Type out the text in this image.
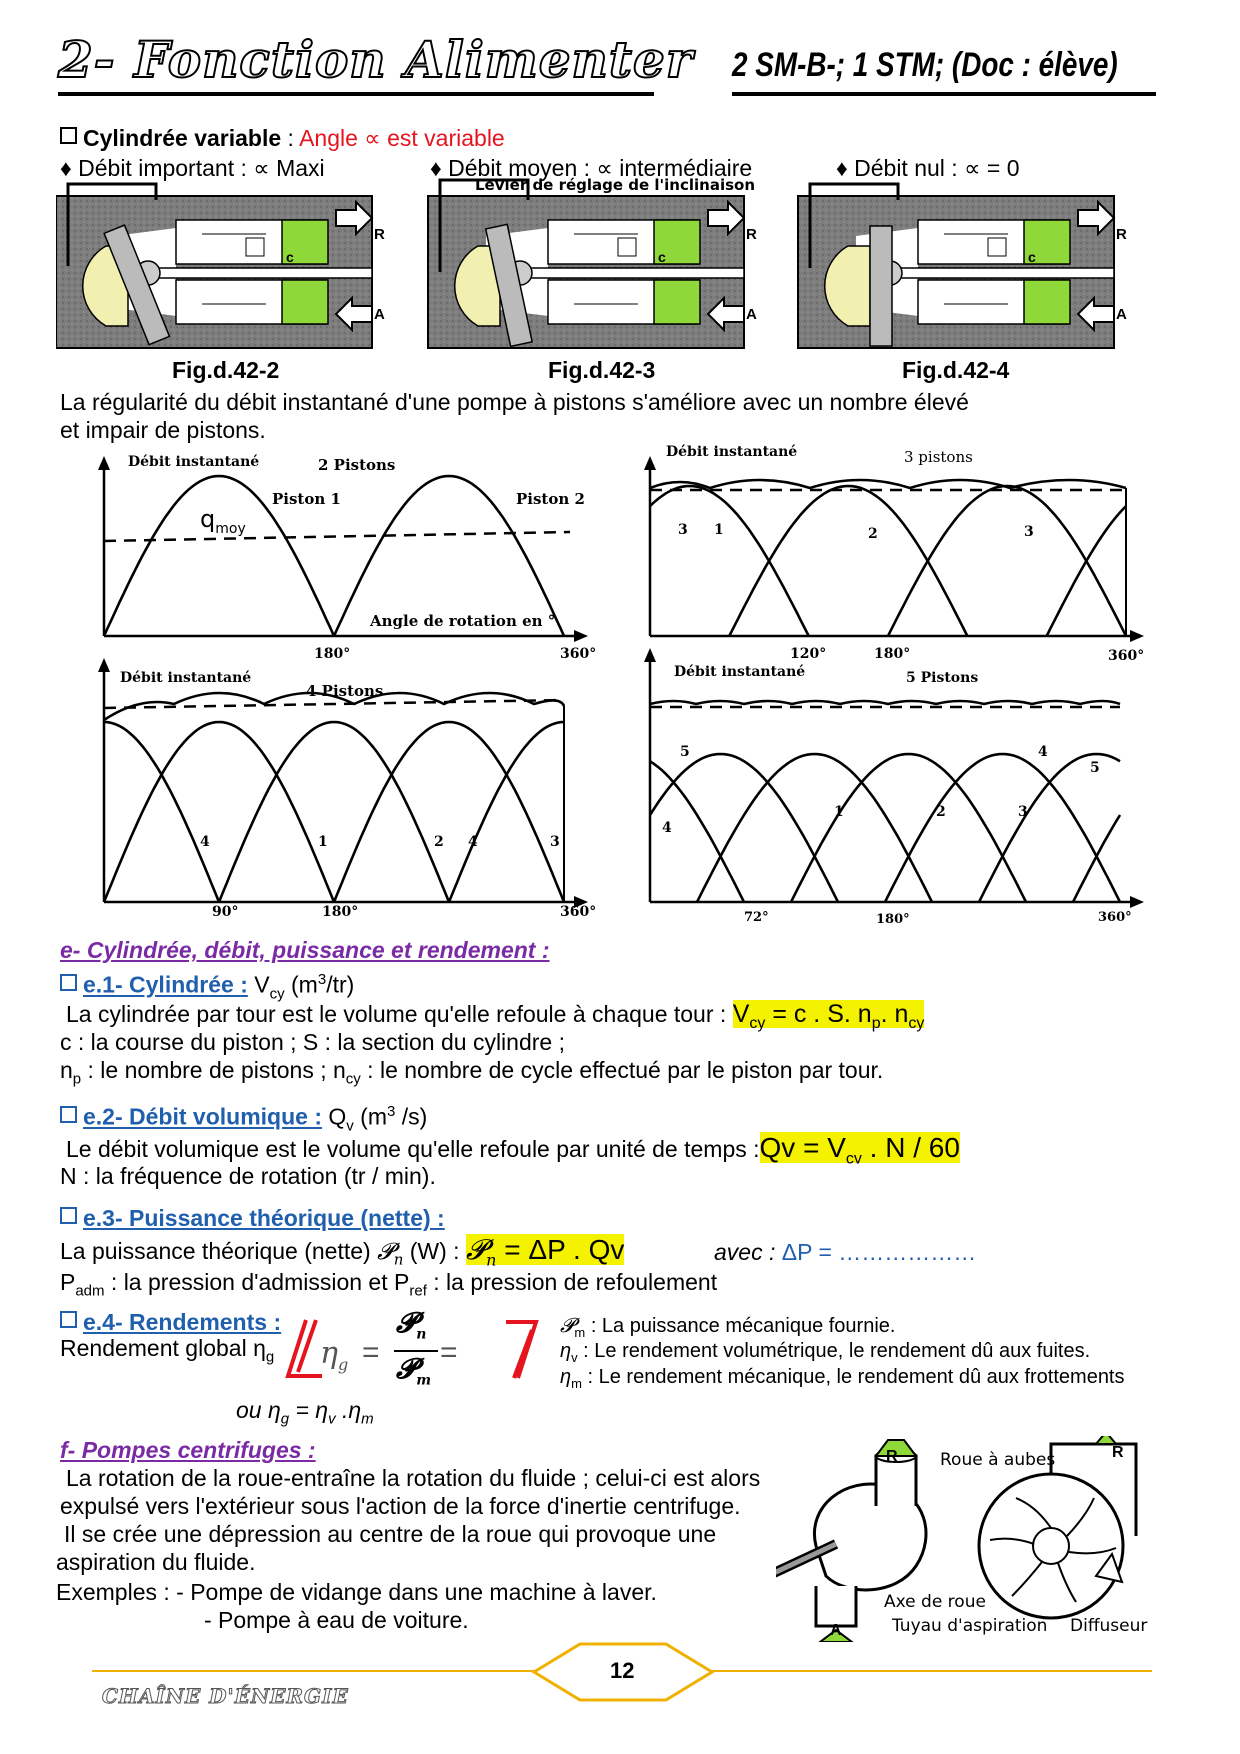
2- Fonction Alimenter 2 SM-B-; 1 STM; (Doc : élève)
Cylindrée variable : Angle ∝ est variable
♦ Débit important : ∝ Maxi	♦ Débit moyen : ∝ intermédiaire	♦ Débit nul : ∝ = 0
Levier de réglage de l'inclinaison
R
A
c
R
A
c
R
A
c
Fig.d.42-2	Fig.d.42-3	Fig.d.42-4
La régularité du débit instantané d'une pompe à pistons s'améliore avec un nombre élevé
et impair de pistons.
Débit instantané	2 Pistons
Piston 1	Piston 2
$q_{moy}$
Angle de rotation en °
180°	360°
Débit instantané	3 pistons
3 1	2	3
120°	180°	360°
Débit instantané
4 Pistons
4	1	2 4	3
90°	180°	360°
Débit instantané	5 Pistons
5	4
5
4
1	2	3
72°	180°	360°
e- Cylindrée, débit, puissance et rendement :
e.1- Cylindrée : $V_{cy}$ $(m^3/tr)$
La cylindrée par tour est le volume qu'elle refoule à chaque tour : $V_{cy} = c$ . S. $n_p$. $n_{cy}$
c : la course du piston ; S : la section du cylindre ;
$n_p$ : le nombre de pistons ; $n_{cy}$ : le nombre de cycle effectué par le piston par tour.
e.2- Débit volumique : $Q_v$ ($m^3$ /s)
Le débit volumique est le volume qu'elle refoule par unité de temps :Qv = $V_{cv}$ . N / 60
N : la fréquence de rotation (tr / min).
e.3- Puissance théorique (nette) :
La puissance théorique (nette) 𝓟$_n$ (W) : 𝓟$_n$ = ΔP . Qv	avec : ΔP = ………………
$P_{adm}$ : la pression d'admission et $P_{ref}$ : la pression de refoulement
e.4- Rendements :
Rendement global $\eta_g$ $\eta_g$ =
𝓟$_n$
𝓟$_m$
=
ou $\eta_g = \eta_v$ $.\eta_m$
𝓟$_m$ : La puissance mécanique fournie.
$\eta_v$ : Le rendement volumétrique, le rendement dû aux fuites.
$\eta_m$ : Le rendement mécanique, le rendement dû aux frottements
f- Pompes centrifuges :
La rotation de la roue-entraîne la rotation du fluide ; celui-ci est alors
expulsé vers l'extérieur sous l'action de la force d'inertie centrifuge.
Il se crée une dépression au centre de la roue qui provoque une
aspiration du fluide.
Exemples : - Pompe de vidange dans une machine à laver.
- Pompe à eau de voiture.
Roue à aubes
R	R
A
Axe de roue
Tuyau d'aspiration Diffuseur
12
CHAÎNE D'ÉNERGIE
